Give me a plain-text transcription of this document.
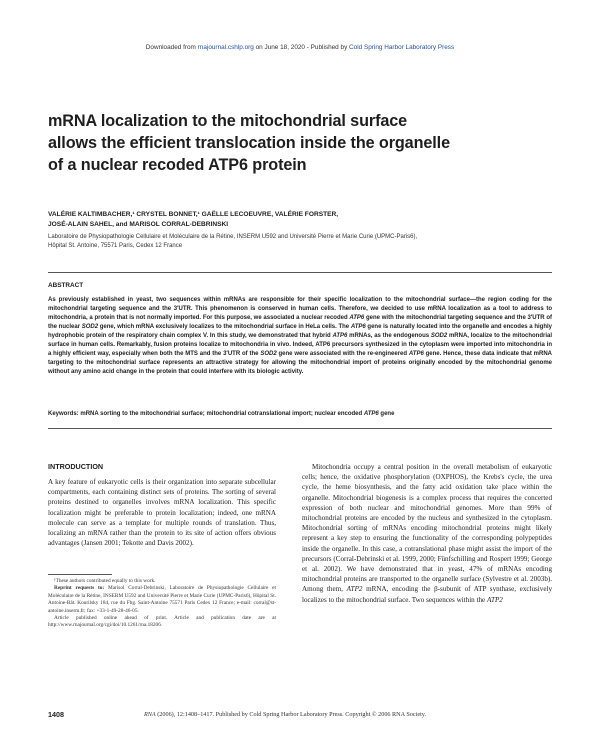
Downloaded from rnajournal.cshlp.org on June 18, 2020 - Published by Cold Spring Harbor Laboratory Press
mRNA localization to the mitochondrial surface
allows the efficient translocation inside the organelle
of a nuclear recoded ATP6 protein
VALÉRIE KALTIMBACHER,¹ CRYSTEL BONNET,¹ GAËLLE LECOEUVRE, VALÉRIE FORSTER,
JOSÉ-ALAIN SAHEL, and MARISOL CORRAL-DEBRINSKI
Laboratoire de Physiopathologie Cellulaire et Moléculaire de la Rétine, INSERM U592 and Université Pierre et Marie Curie (UPMC-Paris6),
Hôpital St. Antoine, 75571 Paris, Cedex 12 France
ABSTRACT
As previously established in yeast, two sequences within mRNAs are responsible for their specific localization to the mitochondrial surface—the region coding for the mitochondrial targeting sequence and the 3′UTR. This phenomenon is conserved in human cells. Therefore, we decided to use mRNA localization as a tool to address to mitochondria, a protein that is not normally imported. For this purpose, we associated a nuclear recoded ATP6 gene with the mitochondrial targeting sequence and the 3′UTR of the nuclear SOD2 gene, which mRNA exclusively localizes to the mitochondrial surface in HeLa cells. The ATP6 gene is naturally located into the organelle and encodes a highly hydrophobic protein of the respiratory chain complex V. In this study, we demonstrated that hybrid ATP6 mRNAs, as the endogenous SOD2 mRNA, localize to the mitochondrial surface in human cells. Remarkably, fusion proteins localize to mitochondria in vivo. Indeed, ATP6 precursors synthesized in the cytoplasm were imported into mitochondria in a highly efficient way, especially when both the MTS and the 3′UTR of the SOD2 gene were associated with the re-engineered ATP6 gene. Hence, these data indicate that mRNA targeting to the mitochondrial surface represents an attractive strategy for allowing the mitochondrial import of proteins originally encoded by the mitochondrial genome without any amino acid change in the protein that could interfere with its biologic activity.
Keywords: mRNA sorting to the mitochondrial surface; mitochondrial cotranslational import; nuclear encoded ATP6 gene
INTRODUCTION

A key feature of eukaryotic cells is their organization into separate subcellular compartments, each containing distinct sets of proteins. The sorting of several proteins destined to organelles involves mRNA localization. This specific localization might be preferable to protein localization; indeed, one mRNA molecule can serve as a template for multiple rounds of translation. Thus, localizing an mRNA rather than the protein to its site of action offers obvious advantages (Jansen 2001; Tekotte and Davis 2002).

Mitochondria occupy a central position in the overall metabolism of eukaryotic cells; hence, the oxidative phosphorylation (OXPHOS), the Krebs's cycle, the urea cycle, the heme biosynthesis, and the fatty acid oxidation take place within the organelle. Mitochondrial biogenesis is a complex process that requires the concerted expression of both nuclear and mitochondrial genomes. More than 99% of mitochondrial proteins are encoded by the nucleus and synthesized in the cytoplasm. Mitochondrial sorting of mRNAs encoding mitochondrial proteins might likely represent a key step to ensuring the functionality of the corresponding polypeptides inside the organelle. In this case, a cotranslational phase might assist the import of the precursors (Corral-Debrinski et al. 1999, 2000; Fünfschilling and Rospert 1999; George et al. 2002). We have demonstrated that in yeast, 47% of mRNAs encoding mitochondrial proteins are transported to the organelle surface (Sylvestre et al. 2003b). Among them, ATP2 mRNA, encoding the β-subunit of ATP synthase, exclusively localizes to the mitochondrial surface. Two sequences within the ATP2

¹These authors contributed equally to this work.

Reprint requests to: Marisol Corral-Debrinski, Laboratoire de Physiopathologie Cellulaire et Moléculaire de la Rétine, INSERM U592 and Université Pierre et Marie Curie (UPMC-Paris6), Hôpital St. Antoine-Bât. Kourilsky 184, rue du Fbg. Saint-Antoine 75571 Paris Cedex 12 France; e-mail: corral@st-antoine.inserm.fr; fax: +33-1-49-28-46-05.

Article published online ahead of print. Article and publication date are at http://www.rnajournal.org/cgi/doi/10.1261/rna.18206.

1408	RNA (2006), 12:1408–1417. Published by Cold Spring Harbor Laboratory Press. Copyright © 2006 RNA Society.
